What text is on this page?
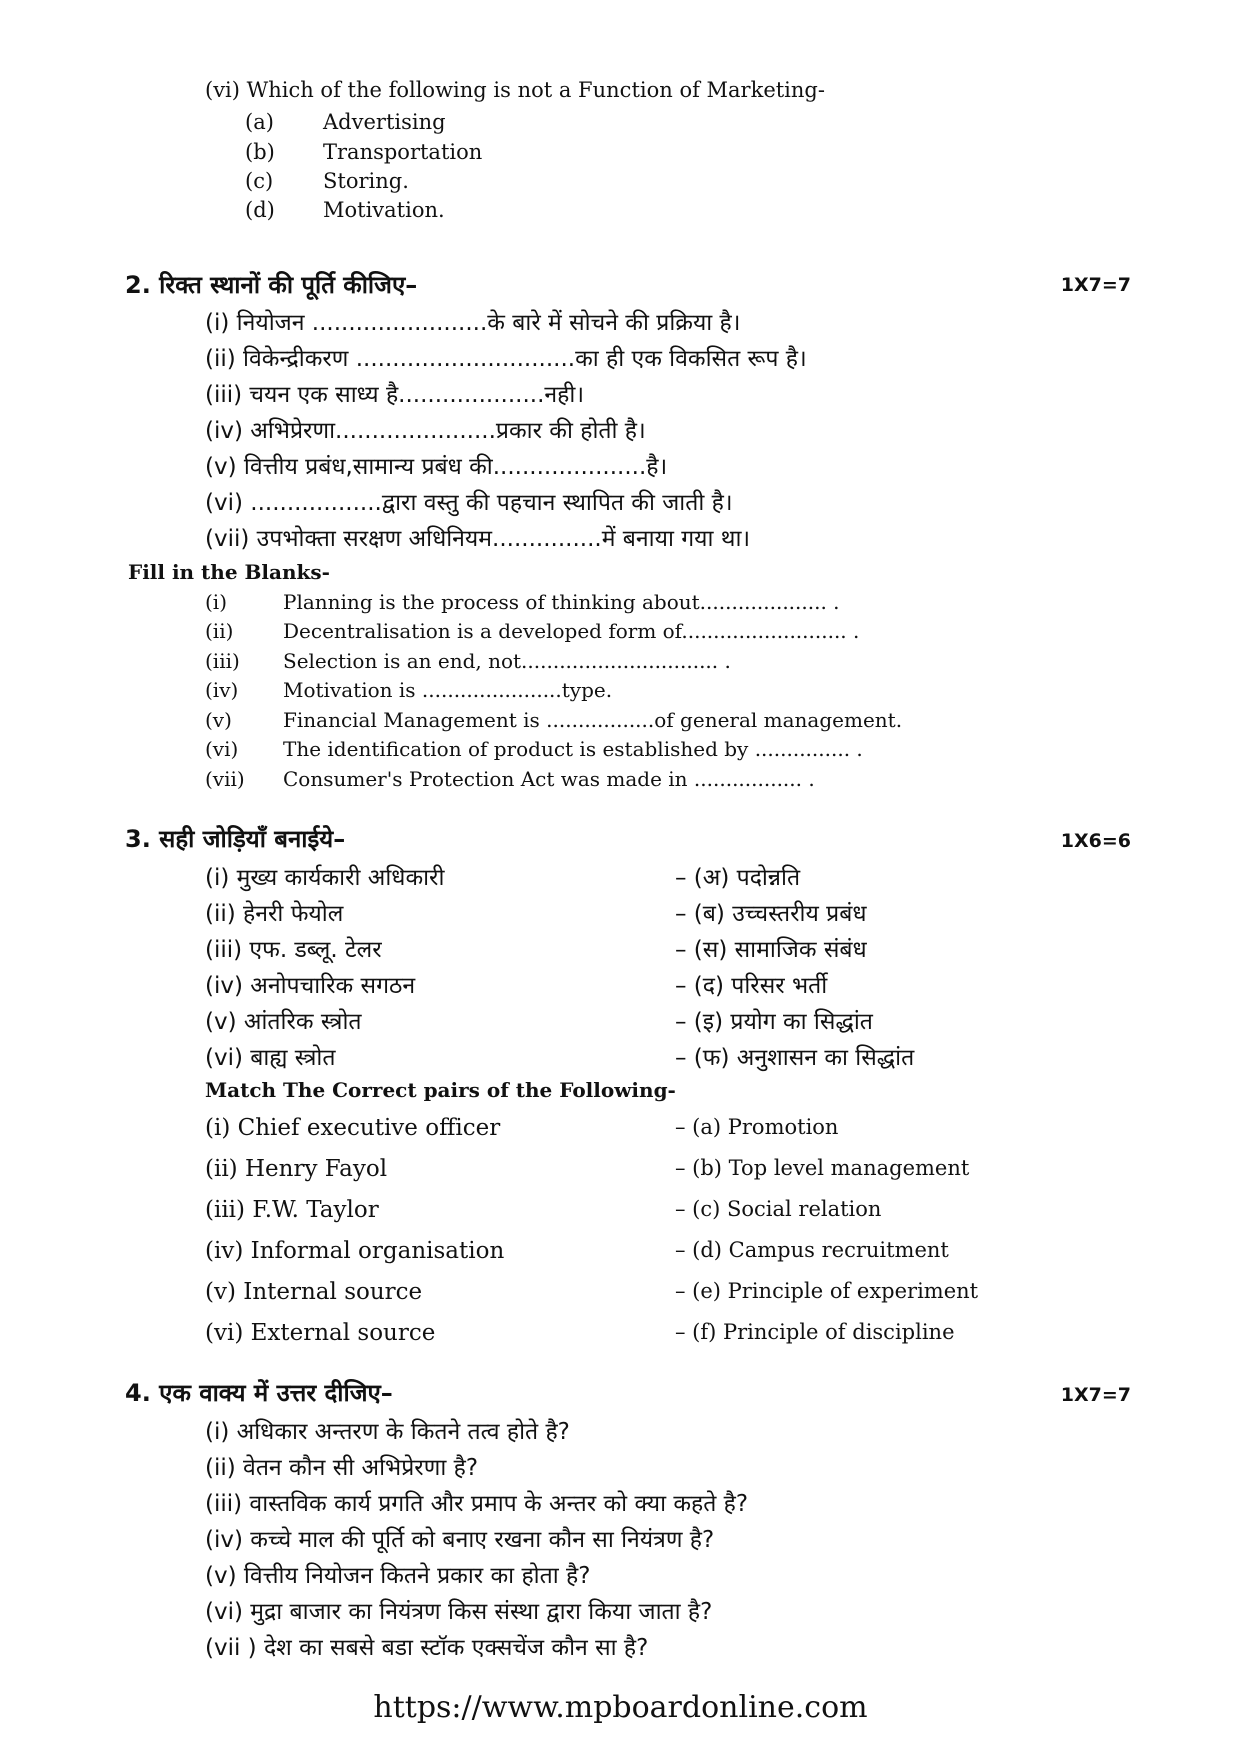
(vi) Which of the following is not a Function of Marketing-
(a) Advertising
(b) Transportation
(c) Storing.
(d) Motivation.
2. रिक्त स्थानों की पूर्ति कीजिए–	1X7=7
(i) नियोजन ........................के बारे में सोचने की प्रक्रिया है।
(ii) विकेन्द्रीकरण ..............................का ही एक विकसित रूप है।
(iii) चयन एक साध्य है....................नही।
(iv) अभिप्रेरणा......................प्रकार की होती है।
(v) वित्तीय प्रबंध,सामान्य प्रबंध की.....................है।
(vi) ..................द्वारा वस्तु की पहचान स्थापित की जाती है।
(vii) उपभोक्ता सरक्षण अधिनियम...............में बनाया गया था।
Fill in the Blanks-
(i)	Planning is the process of thinking about.................... .
(ii) Decentralisation is a developed form of.......................... .
(iii) Selection is an end, not............................... .
(iv) Motivation is ......................type.
(v)	Financial Management is .................of general management.
(vi) The identification of product is established by ............... .
(vii) Consumer's Protection Act was made in ................. .
3. सही जोड़ियाँ बनाईये–	1X6=6
(i) मुख्य कार्यकारी अधिकारी	– (अ) पदोन्नति
(ii) हेनरी फेयोल	– (ब) उच्चस्तरीय प्रबंध
(iii) एफ. डब्लू. टेलर	– (स) सामाजिक संबंध
(iv) अनोपचारिक सगठन	– (द) परिसर भर्ती
(v) आंतरिक स्त्रोत	– (इ) प्रयोग का सिद्धांत
(vi) बाह्य स्त्रोत	– (फ) अनुशासन का सिद्धांत
Match The Correct pairs of the Following-
(i) Chief executive officer	– (a) Promotion
(ii) Henry Fayol	– (b) Top level management
(iii) F.W. Taylor	– (c) Social relation
(iv) Informal organisation	– (d) Campus recruitment
(v) Internal source	– (e) Principle of experiment
(vi) External source	– (f) Principle of discipline
4. एक वाक्य में उत्तर दीजिए–	1X7=7
(i) अधिकार अन्तरण के कितने तत्व होते है?
(ii) वेतन कौन सी अभिप्रेरणा है?
(iii) वास्तविक कार्य प्रगति और प्रमाप के अन्तर को क्या कहते है?
(iv) कच्चे माल की पूर्ति को बनाए रखना कौन सा नियंत्रण है?
(v) वित्तीय नियोजन कितने प्रकार का होता है?
(vi) मुद्रा बाजार का नियंत्रण किस संस्था द्वारा किया जाता है?
(vii ) देश का सबसे बडा स्टॉक एक्सचेंज कौन सा है?
https://www.mpboardonline.com
